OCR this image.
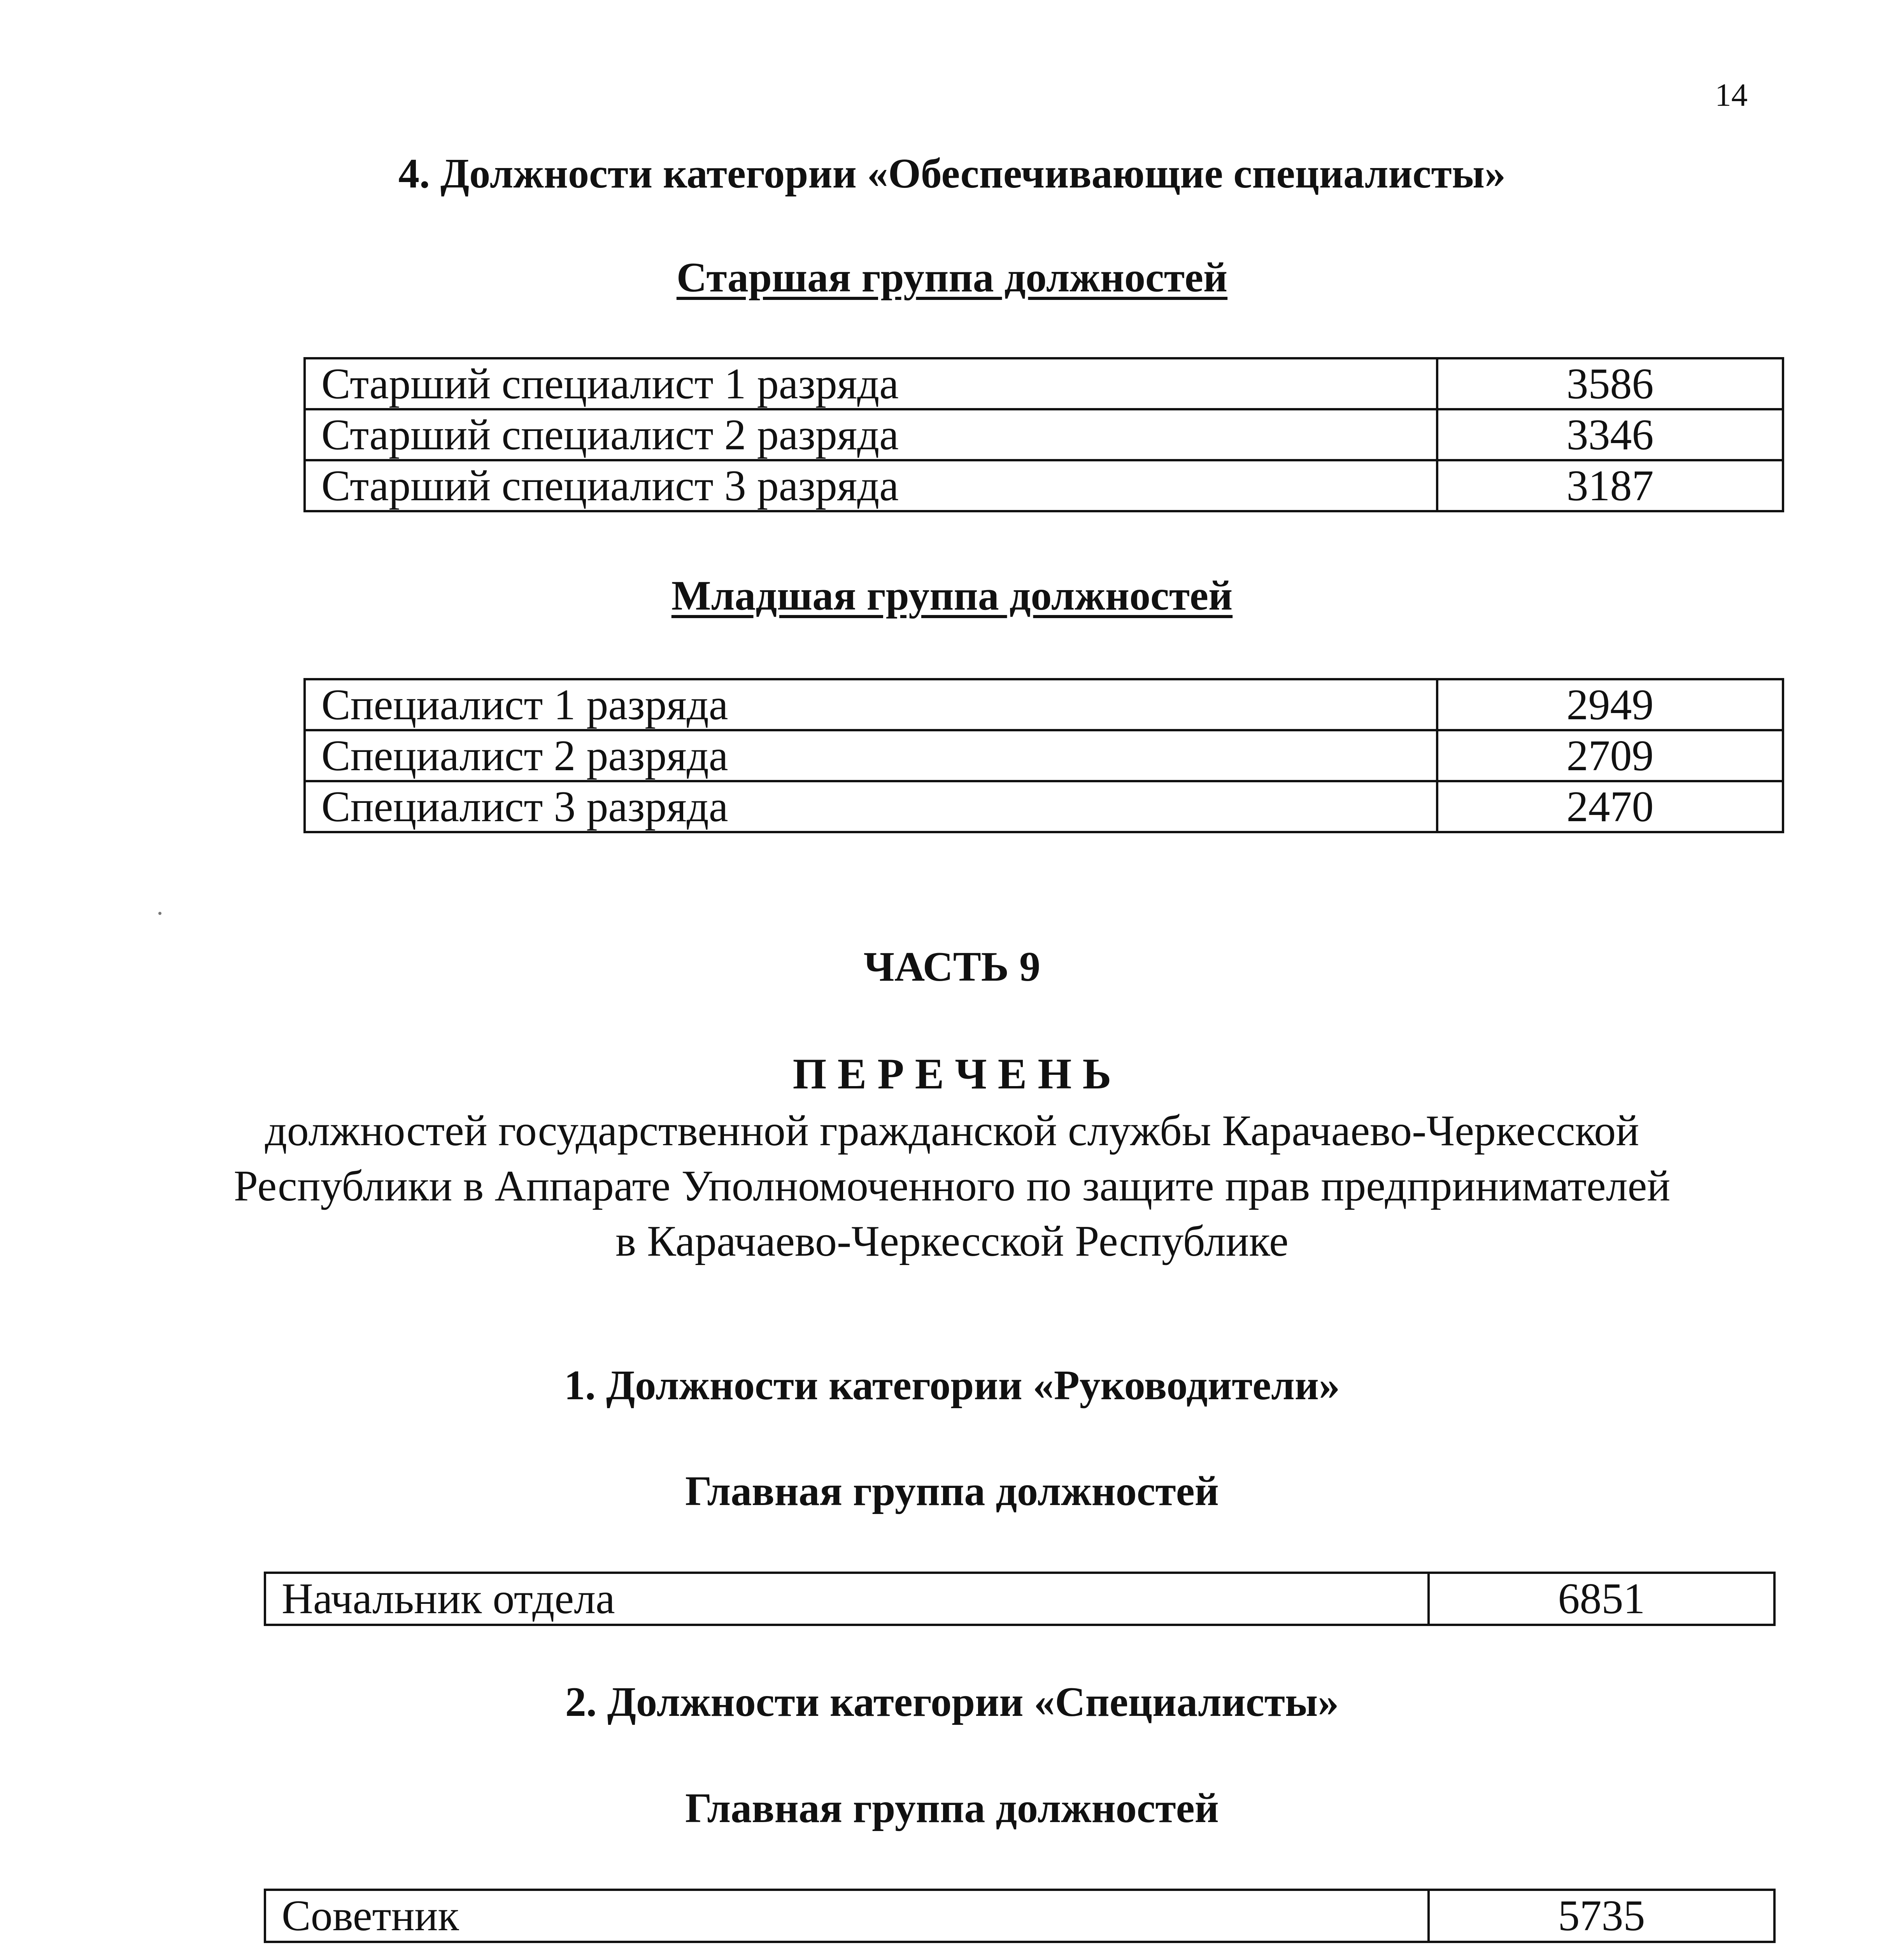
14
4. Должности категории «Обеспечивающие специалисты»
Старшая группа должностей
Старший специалист 1 разряда	3586
Старший специалист 2 разряда	3346
Старший специалист 3 разряда	3187
Младшая группа должностей
Специалист 1 разряда	2949
Специалист 2 разряда	2709
Специалист 3 разряда	2470
ЧАСТЬ 9
П Е Р Е Ч Е Н Ь
должностей государственной гражданской службы Карачаево-Черкесской
Республики в Аппарате Уполномоченного по защите прав предпринимателей
в Карачаево-Черкесской Республике
1. Должности категории «Руководители»
Главная группа должностей
Начальник отдела	6851
2. Должности категории «Специалисты»
Главная группа должностей
Советник	5735
